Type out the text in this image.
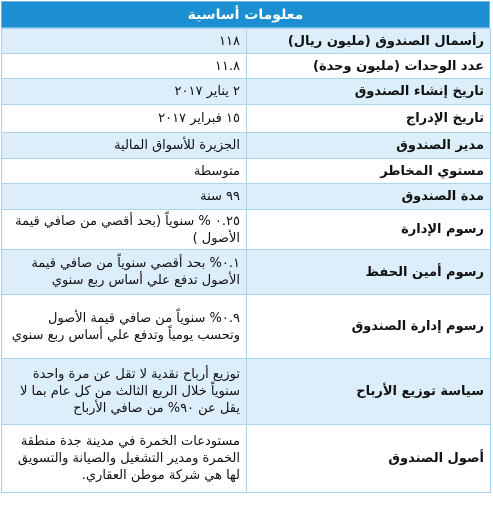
معلومات أساسية
رأسمال الصندوق (مليون ريال)	١١٨
عدد الوحدات (مليون وحدة)	١١.٨
تاريخ إنشاء الصندوق	٢ يناير ٢٠١٧
تاريخ الإدراج	١٥ فبراير ٢٠١٧
مدير الصندوق	الجزيرة للأسواق المالية
مستوي المخاطر	متوسطة
مدة الصندوق	٩٩ سنة
رسوم الإدارة	٠.٢٥ % سنوياً (بحد أقصي من صافي قيمة الأصول )
رسوم أمين الحفظ	٠.١% بحد أقصي سنوياً من صافي قيمة الأصول تدفع علي أساس ربع سنوي
رسوم إدارة الصندوق	٠.٩% سنوياً من صافي قيمة الأصول وتحسب يومياً وتدفع علي أساس ربع سنوي
سياسة توزيع الأرباح	توزيع أرباح نقدية لا تقل عن مرة واحدة سنوياً خلال الربع الثالث من كل عام بما لا يقل عن ٩٠% من صافي الأرباح
أصول الصندوق	مستودعات الخمرة في مدينة جدة منطقة الخمرة ومدير التشغيل والصيانة والتسويق لها هي شركة موطن العقاري.
